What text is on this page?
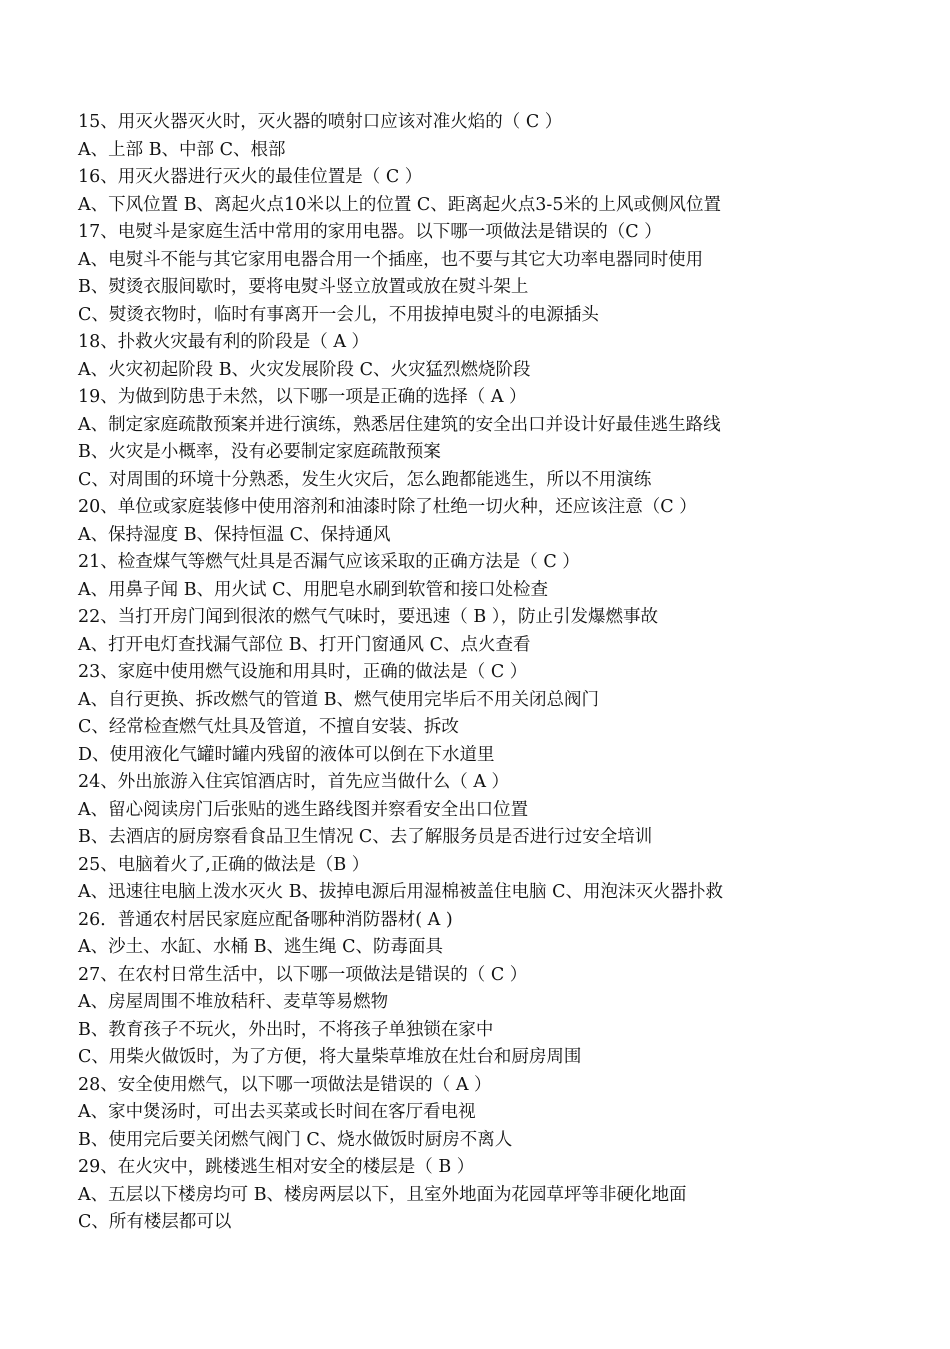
15、用灭火器灭火时，灭火器的喷射口应该对准火焰的（ C ）
A、上部 B、中部 C、根部
16、用灭火器进行灭火的最佳位置是（ C ）
A、下风位置 B、离起火点10米以上的位置 C、距离起火点3-5米的上风或侧风位置
17、电熨斗是家庭生活中常用的家用电器。以下哪一项做法是错误的（C ）
A、电熨斗不能与其它家用电器合用一个插座，也不要与其它大功率电器同时使用
B、熨烫衣服间歇时，要将电熨斗竖立放置或放在熨斗架上
C、熨烫衣物时，临时有事离开一会儿，不用拔掉电熨斗的电源插头
18、扑救火灾最有利的阶段是（ A ）
A、火灾初起阶段 B、火灾发展阶段 C、火灾猛烈燃烧阶段
19、为做到防患于未然，以下哪一项是正确的选择（ A ）
A、制定家庭疏散预案并进行演练，熟悉居住建筑的安全出口并设计好最佳逃生路线
B、火灾是小概率，没有必要制定家庭疏散预案
C、对周围的环境十分熟悉，发生火灾后，怎么跑都能逃生，所以不用演练
20、单位或家庭装修中使用溶剂和油漆时除了杜绝一切火种，还应该注意（C ）
A、保持湿度 B、保持恒温 C、保持通风
21、检查煤气等燃气灶具是否漏气应该采取的正确方法是（ C ）
A、用鼻子闻 B、用火试 C、用肥皂水刷到软管和接口处检查
22、当打开房门闻到很浓的燃气气味时，要迅速（ B ），防止引发爆燃事故
A、打开电灯查找漏气部位 B、打开门窗通风 C、点火查看
23、家庭中使用燃气设施和用具时，正确的做法是（ C ）
A、自行更换、拆改燃气的管道 B、燃气使用完毕后不用关闭总阀门
C、经常检查燃气灶具及管道，不擅自安装、拆改
D、使用液化气罐时罐内残留的液体可以倒在下水道里
24、外出旅游入住宾馆酒店时，首先应当做什么（ A ）
A、留心阅读房门后张贴的逃生路线图并察看安全出口位置
B、去酒店的厨房察看食品卫生情况 C、去了解服务员是否进行过安全培训
25、电脑着火了,正确的做法是（B ）
A、迅速往电脑上泼水灭火 B、拔掉电源后用湿棉被盖住电脑 C、用泡沫灭火器扑救
26．普通农村居民家庭应配备哪种消防器材( A )
A、沙土、水缸、水桶 B、逃生绳 C、防毒面具
27、在农村日常生活中，以下哪一项做法是错误的（ C ）
A、房屋周围不堆放秸秆、麦草等易燃物
B、教育孩子不玩火，外出时，不将孩子单独锁在家中
C、用柴火做饭时，为了方便，将大量柴草堆放在灶台和厨房周围
28、安全使用燃气，以下哪一项做法是错误的（ A ）
A、家中煲汤时，可出去买菜或长时间在客厅看电视
B、使用完后要关闭燃气阀门 C、烧水做饭时厨房不离人
29、在火灾中，跳楼逃生相对安全的楼层是（ B ）
A、五层以下楼房均可 B、楼房两层以下，且室外地面为花园草坪等非硬化地面
C、所有楼层都可以
